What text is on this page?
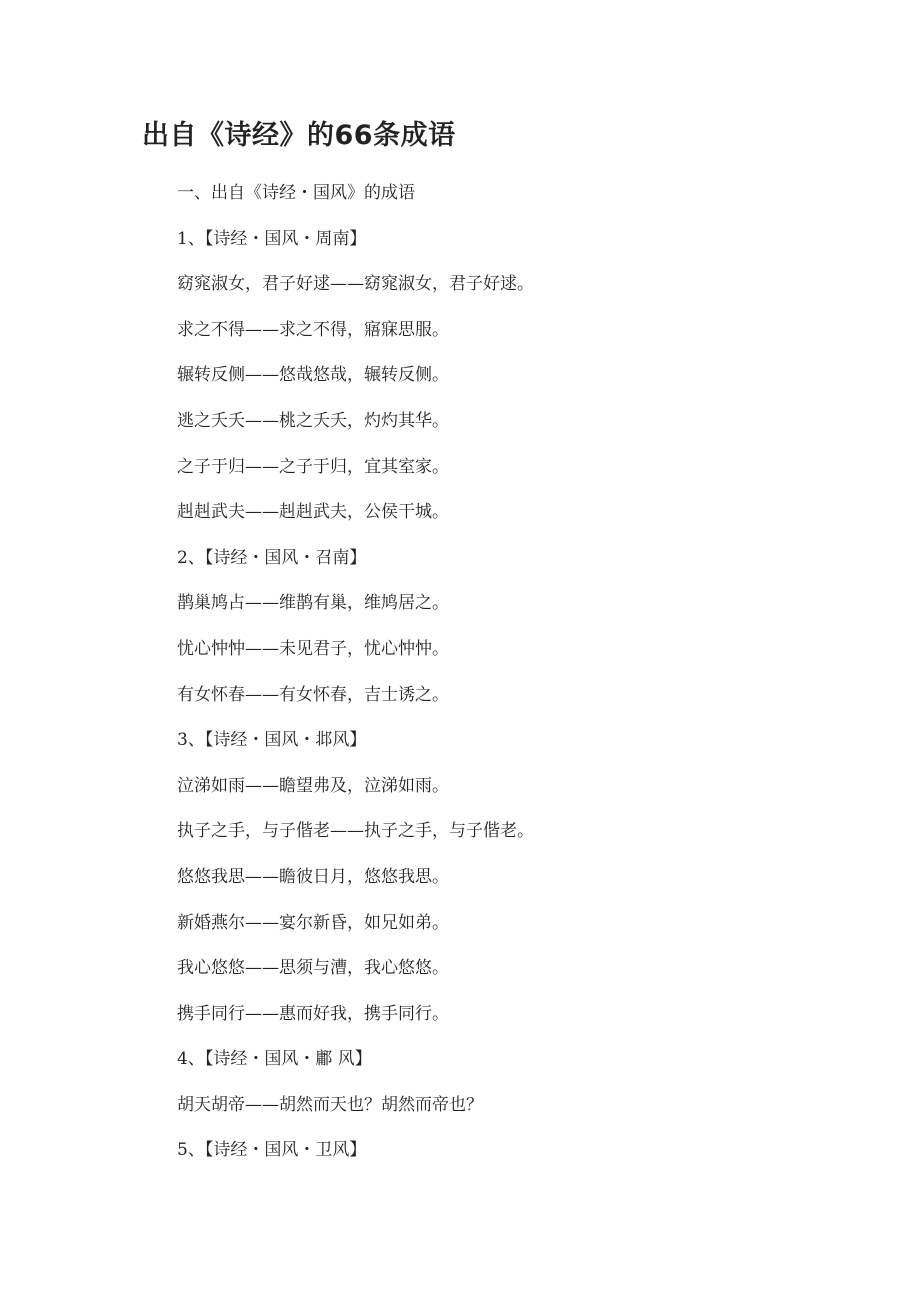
出自《诗经》的66条成语
一、出自《诗经・国风》的成语
1、【诗经・国风・周南】
窈窕淑女，君子好逑——窈窕淑女，君子好逑。
求之不得——求之不得，寤寐思服。
辗转反侧——悠哉悠哉，辗转反侧。
逃之夭夭——桃之夭夭，灼灼其华。
之子于归——之子于归，宜其室家。
赳赳武夫——赳赳武夫，公侯干城。
2、【诗经・国风・召南】
鹊巢鸠占——维鹊有巢，维鸠居之。
忧心忡忡——未见君子，忧心忡忡。
有女怀春——有女怀春，吉士诱之。
3、【诗经・国风・邶风】
泣涕如雨——瞻望弗及，泣涕如雨。
执子之手，与子偕老——执子之手，与子偕老。
悠悠我思——瞻彼日月，悠悠我思。
新婚燕尔——宴尔新昏，如兄如弟。
我心悠悠——思须与漕，我心悠悠。
携手同行——惠而好我，携手同行。
4、【诗经・国风・鄘 风】
胡天胡帝——胡然而天也？胡然而帝也？
5、【诗经・国风・卫风】
